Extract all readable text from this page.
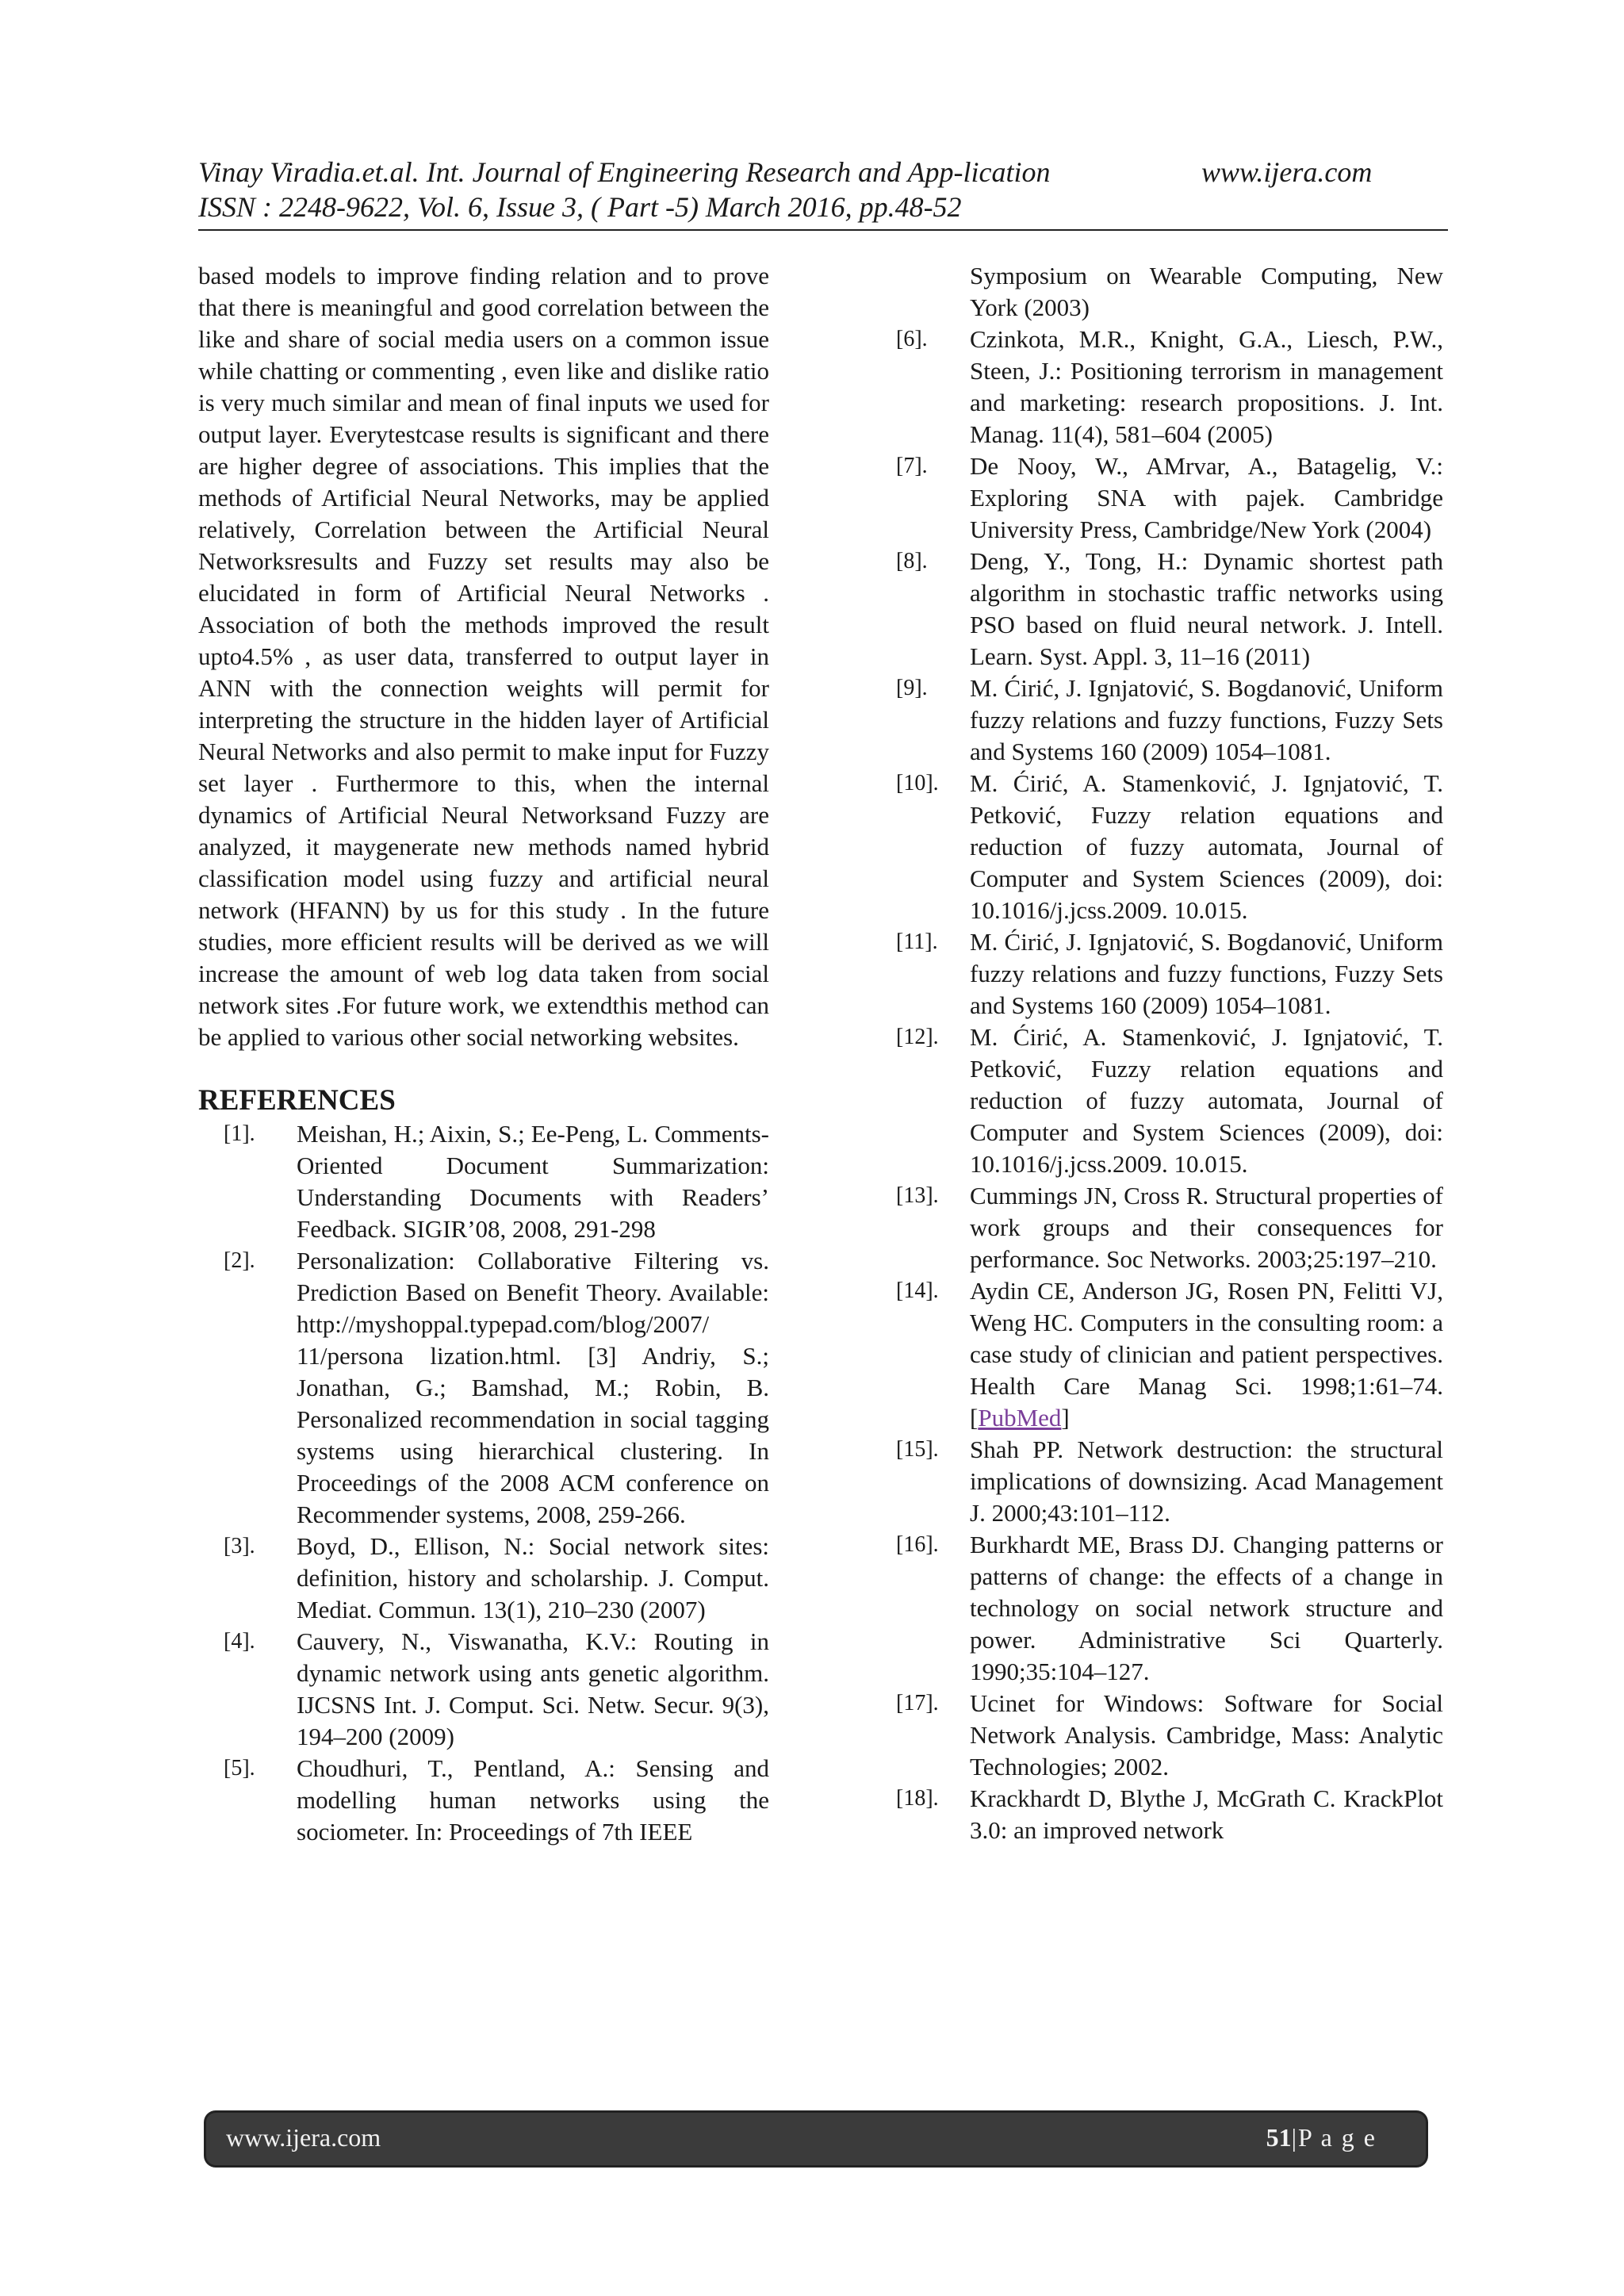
Vinay Viradia.et.al. Int. Journal of Engineering Research and App-lication	www.ijera.com
ISSN : 2248-9622, Vol. 6, Issue 3, ( Part -5) March 2016, pp.48-52

based models to improve finding relation and to prove that there is meaningful and good correlation between the like and share of social media users on a common issue while chatting or commenting , even like and dislike ratio is very much similar and mean of final inputs we used for output layer. Everytestcase results is significant and there are higher degree of associations. This implies that the methods of Artificial Neural Networks, may be applied relatively, Correlation between the Artificial Neural Networksresults and Fuzzy set results may also be elucidated in form of Artificial Neural Networks . Association of both the methods improved the result upto4.5% , as user data, transferred to output layer in ANN with the connection weights will permit for interpreting the structure in the hidden layer of Artificial Neural Networks and also permit to make input for Fuzzy set layer . Furthermore to this, when the internal dynamics of Artificial Neural Networksand Fuzzy are analyzed, it maygenerate new methods named hybrid classification model using fuzzy and artificial neural network (HFANN) by us for this study . In the future studies, more efficient results will be derived as we will increase the amount of web log data taken from social network sites .For future work, we extendthis method can be applied to various other social networking websites.

REFERENCES
[1]. Meishan, H.; Aixin, S.; Ee-Peng, L. Comments- Oriented Document Summarization: Understanding Documents with Readers’ Feedback. SIGIR’08, 2008, 291-298
[2]. Personalization: Collaborative Filtering vs. Prediction Based on Benefit Theory. Available: http://myshoppal.typepad.com/blog/2007/ 11/persona lization.html. [3] Andriy, S.; Jonathan, G.; Bamshad, M.; Robin, B. Personalized recommendation in social tagging systems using hierarchical clustering. In Proceedings of the 2008 ACM conference on Recommender systems, 2008, 259-266.
[3]. Boyd, D., Ellison, N.: Social network sites: definition, history and scholarship. J. Comput. Mediat. Commun. 13(1), 210–230 (2007)
[4]. Cauvery, N., Viswanatha, K.V.: Routing in dynamic network using ants genetic algorithm. IJCSNS Int. J. Comput. Sci. Netw. Secur. 9(3), 194–200 (2009)
[5]. Choudhuri, T., Pentland, A.: Sensing and modelling human networks using the sociometer. In: Proceedings of 7th IEEE
Symposium on Wearable Computing, New York (2003)
[6]. Czinkota, M.R., Knight, G.A., Liesch, P.W., Steen, J.: Positioning terrorism in management and marketing: research propositions. J. Int. Manag. 11(4), 581–604 (2005)
[7]. De Nooy, W., AMrvar, A., Batagelig, V.: Exploring SNA with pajek. Cambridge University Press, Cambridge/New York (2004)
[8]. Deng, Y., Tong, H.: Dynamic shortest path algorithm in stochastic traffic networks using PSO based on fluid neural network. J. Intell. Learn. Syst. Appl. 3, 11–16 (2011)
[9]. M. Ćirić, J. Ignjatović, S. Bogdanović, Uniform fuzzy relations and fuzzy functions, Fuzzy Sets and Systems 160 (2009) 1054–1081.
[10]. M. Ćirić, A. Stamenković, J. Ignjatović, T. Petković, Fuzzy relation equations and reduction of fuzzy automata, Journal of Computer and System Sciences (2009), doi: 10.1016/j.jcss.2009. 10.015.
[11]. M. Ćirić, J. Ignjatović, S. Bogdanović, Uniform fuzzy relations and fuzzy functions, Fuzzy Sets and Systems 160 (2009) 1054–1081.
[12]. M. Ćirić, A. Stamenković, J. Ignjatović, T. Petković, Fuzzy relation equations and reduction of fuzzy automata, Journal of Computer and System Sciences (2009), doi: 10.1016/j.jcss.2009. 10.015.
[13]. Cummings JN, Cross R. Structural properties of work groups and their consequences for performance. Soc Networks. 2003;25:197–210.
[14]. Aydin CE, Anderson JG, Rosen PN, Felitti VJ, Weng HC. Computers in the consulting room: a case study of clinician and patient perspectives. Health Care Manag Sci. 1998;1:61–74. [PubMed]
[15]. Shah PP. Network destruction: the structural implications of downsizing. Acad Management J. 2000;43:101–112.
[16]. Burkhardt ME, Brass DJ. Changing patterns or patterns of change: the effects of a change in technology on social network structure and power. Administrative Sci Quarterly. 1990;35:104–127.
[17]. Ucinet for Windows: Software for Social Network Analysis. Cambridge, Mass: Analytic Technologies; 2002.
[18]. Krackhardt D, Blythe J, McGrath C. KrackPlot 3.0: an improved network
www.ijera.com	51|P a g e
